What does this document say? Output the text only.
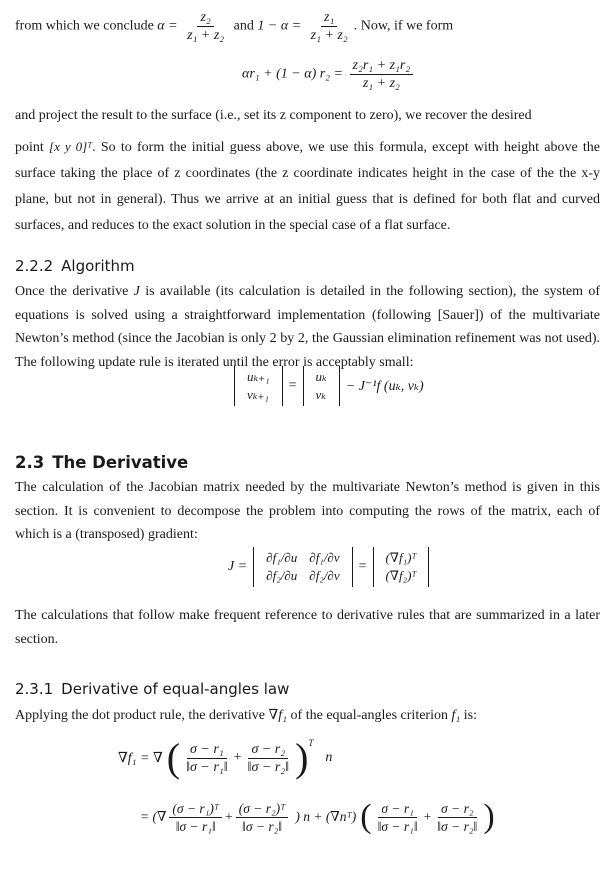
from which we conclude $\alpha = \frac{\text{z₂}}{\text{z₁ + z₂}}$ and $1 - \alpha = \frac{\text{z₁}}{\text{z₁ + z₂}}$ . Now, if we form

αr₁ + (1 − α) $r_2 = \frac{\text{z₂r₁ + z₁r₂}}{\text{z₁ + z₂}}$

and project the result to the surface (i.e., set its z component to zero), we recover the desired

point [x y 0]ᵀ. So to form the initial guess above, we use this formula, except with height above the surface taking the place of z coordinates (the z coordinate indicates height in the case of the the x-y plane, but not in general). Thus we arrive at an initial guess that is defined for both flat and curved surfaces, and reduces to the exact solution in the special case of a flat surface.

2.2.2 Algorithm

Once the derivative J is available (its calculation is detailed in the following section), the system of equations is solved using a straightforward implementation (following [Sauer]) of the multivariate Newton’s method (since the Jacobian is only 2 by 2, the Gaussian elimination refinement was not used). The following update rule is iterated until the error is acceptably small:

uₖ₊₁
vₖ₊₁
=
uₖ
vₖ
− J⁻¹f (uₖ, vₖ)
2.3 The Derivative

The calculation of the Jacobian matrix needed by the multivariate Newton’s method is given in this section. It is convenient to decompose the problem into computing the rows of the matrix, each of which is a (transposed) gradient:

J =
∂f₁/∂u	∂f₁/∂v
∂f₂/∂u	∂f₂/∂v
=
(∇f₁)ᵀ
(∇f₂)ᵀ

The calculations that follow make frequent reference to derivative rules that are summarized in a later section.

2.3.1 Derivative of equal-angles law

Applying the dot product rule, the derivative ∇f₁ of the equal-angles criterion f₁ is:

∇f₁ = ∇ ( $\frac{\text{σ − r₁}}{\text{‖σ − r₁‖}} + \frac{\text{σ − r₂}}{\text{‖σ − r₂‖}} )^T$
n
= (∇ $\frac{\text{(σ − r₁)ᵀ}}{\text{‖σ − r₁‖}} + \frac{\text{(σ − r₂)ᵀ}}{\text{‖σ − r₂‖}}$ ) n + (∇nᵀ) ( $\frac{\text{σ − r₁}}{\text{‖σ − r₁‖}} + \frac{\text{σ − r₂}}{\text{‖σ − r₂‖}}$ )
